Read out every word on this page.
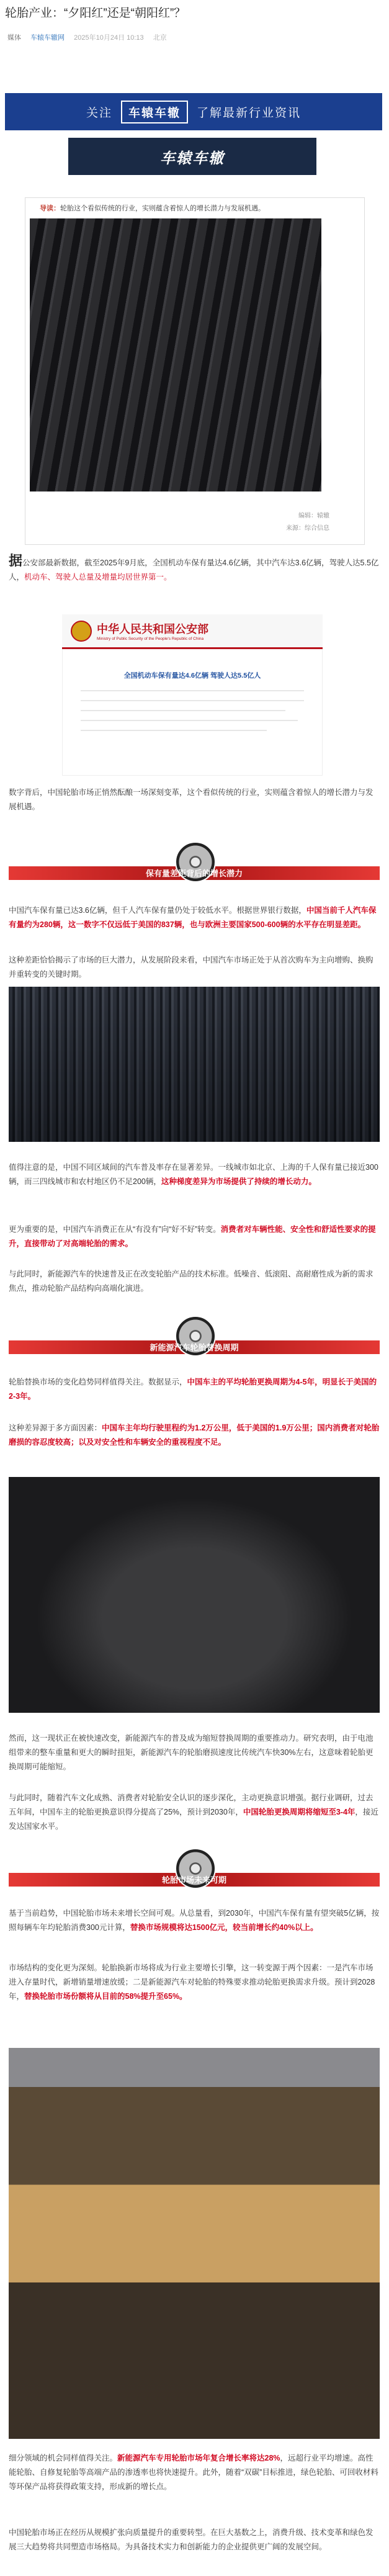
轮胎产业：“夕阳红”还是“朝阳红”？
媒体 车辕车辙网 2025年10月24日 10:13 北京
关注	车辕车辙	了解最新行业资讯
车辕车辙
导读：轮胎这个看似传统的行业，实则蕴含着惊人的增长潜力与发展机遇。
编辑：辕辙
来源：综合信息
据公安部最新数据，截至2025年9月底，全国机动车保有量达4.6亿辆，其中汽车达3.6亿辆，驾驶人达5.5亿人，机动车、驾驶人总量及增量均居世界第一。
中华人民共和国公安部
Ministry of Public Security of the People's Republic of China
全国机动车保有量达4.6亿辆 驾驶人达5.5亿人
数字背后，中国轮胎市场正悄然酝酿一场深刻变革，这个看似传统的行业，实则蕴含着惊人的增长潜力与发展机遇。
保有量差距背后的增长潜力
中国汽车保有量已达3.6亿辆，但千人汽车保有量仍处于较低水平。根据世界银行数据，中国当前千人汽车保有量约为280辆，这一数字不仅远低于美国的837辆，也与欧洲主要国家500-600辆的水平存在明显差距。
这种差距恰恰揭示了市场的巨大潜力，从发展阶段来看，中国汽车市场正处于从首次购车为主向增购、换购并重转变的关键时期。
值得注意的是，中国不同区域间的汽车普及率存在显著差异。一线城市如北京、上海的千人保有量已接近300辆，而三四线城市和农村地区仍不足200辆，这种梯度差异为市场提供了持续的增长动力。
更为重要的是，中国汽车消费正在从“有没有”向“好不好”转变。消费者对车辆性能、安全性和舒适性要求的提升，直接带动了对高端轮胎的需求。
与此同时，新能源汽车的快速普及正在改变轮胎产品的技术标准。低噪音、低滚阻、高耐磨性成为新的需求焦点，推动轮胎产品结构向高端化演进。
新能源汽车轮胎替换周期
轮胎替换市场的变化趋势同样值得关注。数据显示，中国车主的平均轮胎更换周期为4-5年，明显长于美国的2-3年。
这种差异源于多方面因素：中国车主年均行驶里程约为1.2万公里，低于美国的1.9万公里；国内消费者对轮胎磨损的容忍度较高；以及对安全性和车辆安全的重视程度不足。
然而，这一现状正在被快速改变，新能源汽车的普及成为缩短替换周期的重要推动力。研究表明，由于电池组带来的整车重量和更大的瞬时扭矩，新能源汽车的轮胎磨损速度比传统汽车快30%左右，这意味着轮胎更换周期可能缩短。
与此同时，随着汽车文化成熟、消费者对轮胎安全认识的逐步深化，主动更换意识增强。据行业调研，过去五年间，中国车主的轮胎更换意识得分提高了25%，预计到2030年，中国轮胎更换周期将缩短至3-4年，接近发达国家水平。
轮胎市场未来可期
基于当前趋势，中国轮胎市场未来增长空间可观。从总量看，到2030年，中国汽车保有量有望突破5亿辆，按照每辆车年均轮胎消费300元计算，替换市场规模将达1500亿元，较当前增长约40%以上。
市场结构的变化更为深刻。轮胎换新市场将成为行业主要增长引擎，这一转变源于两个因素：一是汽车市场进入存量时代，新增销量增速放缓；二是新能源汽车对轮胎的特殊要求推动轮胎更换需求升级。预计到2028年，替换轮胎市场份额将从目前的58%提升至65%。
细分领域的机会同样值得关注。新能源汽车专用轮胎市场年复合增长率将达28%，远超行业平均增速。高性能轮胎、自修复轮胎等高端产品的渗透率也将快速提升。此外，随着“双碳”目标推进，绿色轮胎、可回收材料等环保产品将获得政策支持，形成新的增长点。
中国轮胎市场正在经历从规模扩张向质量提升的重要转型。在巨大基数之上，消费升级、技术变革和绿色发展三大趋势将共同塑造市场格局。为具备技术实力和创新能力的企业提供更广阔的发展空间。
